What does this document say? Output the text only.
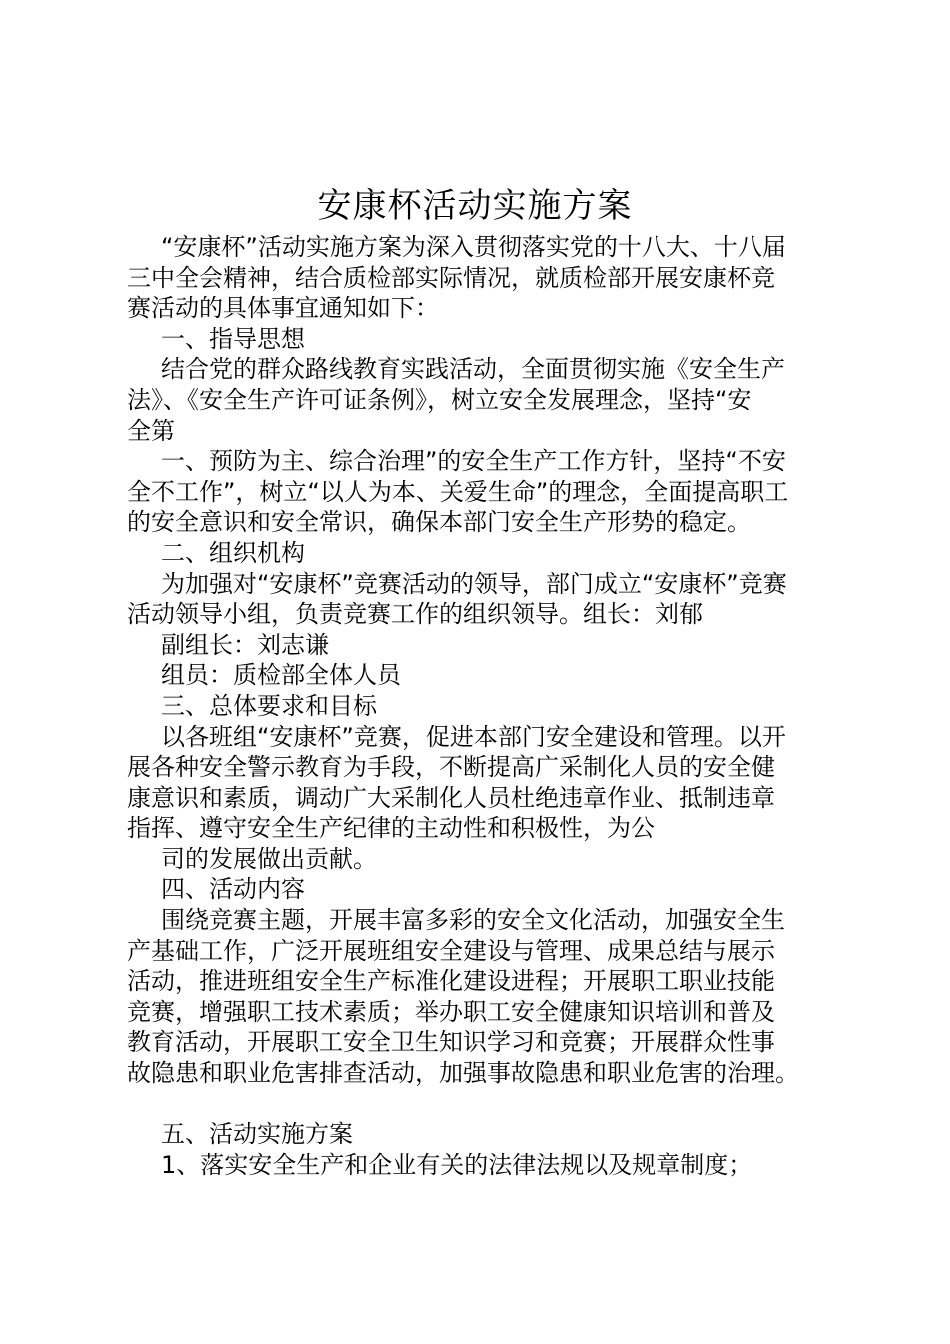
安康杯活动实施方案
“安康杯”活动实施方案为深入贯彻落实党的十八大、十八届
三中全会精神，结合质检部实际情况，就质检部开展安康杯竞
赛活动的具体事宜通知如下：
一、指导思想
结合党的群众路线教育实践活动，全面贯彻实施《安全生产
法》、《安全生产许可证条例》，树立安全发展理念，坚持“安
全第
一、预防为主、综合治理”的安全生产工作方针，坚持“不安
全不工作”，树立“以人为本、关爱生命”的理念，全面提高职工
的安全意识和安全常识，确保本部门安全生产形势的稳定。
二、组织机构
为加强对“安康杯”竞赛活动的领导，部门成立“安康杯”竞赛
活动领导小组，负责竞赛工作的组织领导。组长：刘郁
副组长：刘志谦
组员：质检部全体人员
三、总体要求和目标
以各班组“安康杯”竞赛，促进本部门安全建设和管理。以开
展各种安全警示教育为手段，不断提高广采制化人员的安全健
康意识和素质，调动广大采制化人员杜绝违章作业、抵制违章
指挥、遵守安全生产纪律的主动性和积极性，为公
司的发展做出贡献。
四、活动内容
围绕竞赛主题，开展丰富多彩的安全文化活动，加强安全生
产基础工作，广泛开展班组安全建设与管理、成果总结与展示
活动，推进班组安全生产标准化建设进程；开展职工职业技能
竞赛，增强职工技术素质；举办职工安全健康知识培训和普及
教育活动，开展职工安全卫生知识学习和竞赛；开展群众性事
故隐患和职业危害排查活动，加强事故隐患和职业危害的治理。
五、活动实施方案
1、落实安全生产和企业有关的法律法规以及规章制度；
